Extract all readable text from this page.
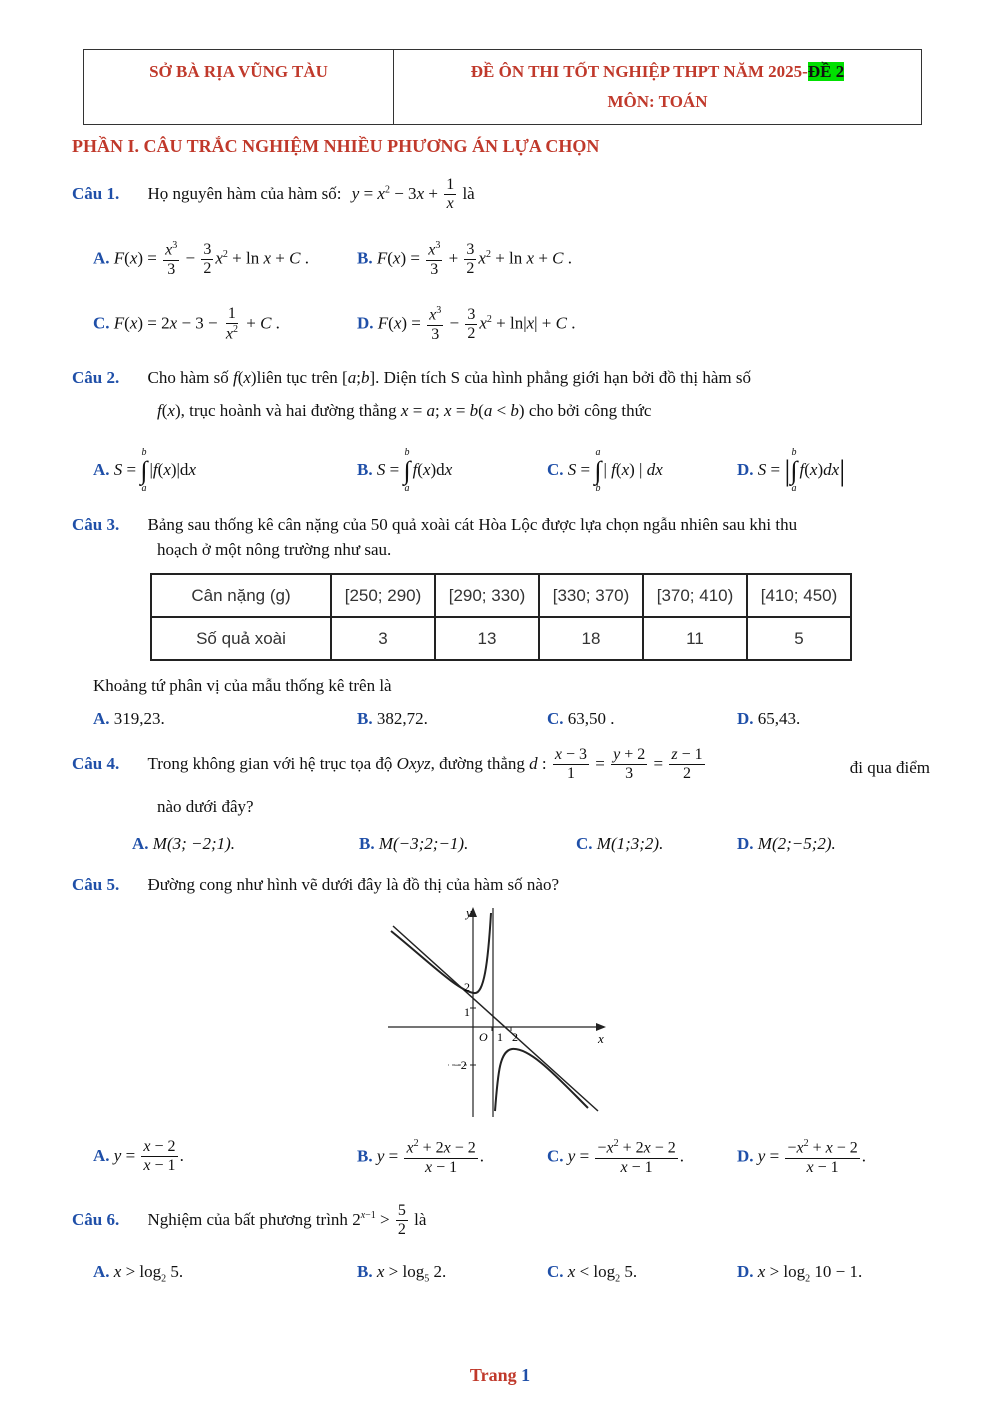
SỞ BÀ RỊA VŨNG TÀU	ĐỀ ÔN THI TỐT NGHIỆP THPT NĂM 2025-ĐỀ 2
MÔN: TOÁN
PHẦN I. CÂU TRẮC NGHIỆM NHIỀU PHƯƠNG ÁN LỰA CHỌN
Câu 1. Họ nguyên hàm của hàm số: $y = x^2 - 3x + \frac{1}{x}$ là
A. $F(x) = \frac{x^3}{3} - \frac{3}{2} x^2 + \ln x + C$ .	B. $F(x) = \frac{x^3}{3} + \frac{3}{2} x^2 + \ln x + C$ .
C. $F(x) = 2x - 3 - \frac{1}{x^2} + C$ .	D. $F(x) = \frac{x^3}{3} - \frac{3}{2} x^2 + \ln|x| + C$ .
Câu 2. Cho hàm số f(x)liên tục trên [a;b]. Diện tích S của hình phẳng giới hạn bởi đồ thị hàm số
f(x), trục hoành và hai đường thẳng x = a; x = b(a < b) cho bởi công thức
A. S =
b
∫
a
|f(x)|dx	B. S =
b
∫
a
f(x)dx	C. S =
a
∫
b
| f(x) | dx	D. S = |
b
∫
a
f(x)dx|
Câu 3. Bảng sau thống kê cân nặng của 50 quả xoài cát Hòa Lộc được lựa chọn ngẫu nhiên sau khi thu
hoạch ở một nông trường như sau.
Cân nặng (g)	[250; 290)	[290; 330)	[330; 370)	[370; 410)	[410; 450)
Số quả xoài	3	13	18	11	5
Khoảng tứ phân vị của mẫu thống kê trên là
A. 319,23.	B. 382,72.	C. 63,50 .	D. 65,43.
Câu 4. Trong không gian với hệ trục tọa độ Oxyz, đường thẳng d : $\frac{x - 3}{1} = \frac{y + 2}{3} = \frac{z - 1}{2}$	đi qua điểm
nào dưới đây?
A. M(3; −2;1).	B. M(−3;2;−1).	C. M(1;3;2).	D. M(2;−5;2).
Câu 5. Đường cong như hình vẽ dưới đây là đồ thị của hàm số nào?
y
x
O
1
2
1 2
−2
A. $y = \frac{x - 2}{x - 1}$ .	B. $y = \frac{x^2 + 2x - 2}{x - 1}$ .	C. $y = \frac{-x^2 + 2x - 2}{x - 1}$ .	D. $y = \frac{-x^2 + x - 2}{x - 1}$ .
Câu 6. Nghiệm của bất phương trình $2^{x-1} > \frac{5}{2}$ là
A. $x > \log_2 5$.	B. $x > \log_5 2$.	C. $x < \log_2 5$.	D. $x > \log_2 10 - 1$.
Trang 1
